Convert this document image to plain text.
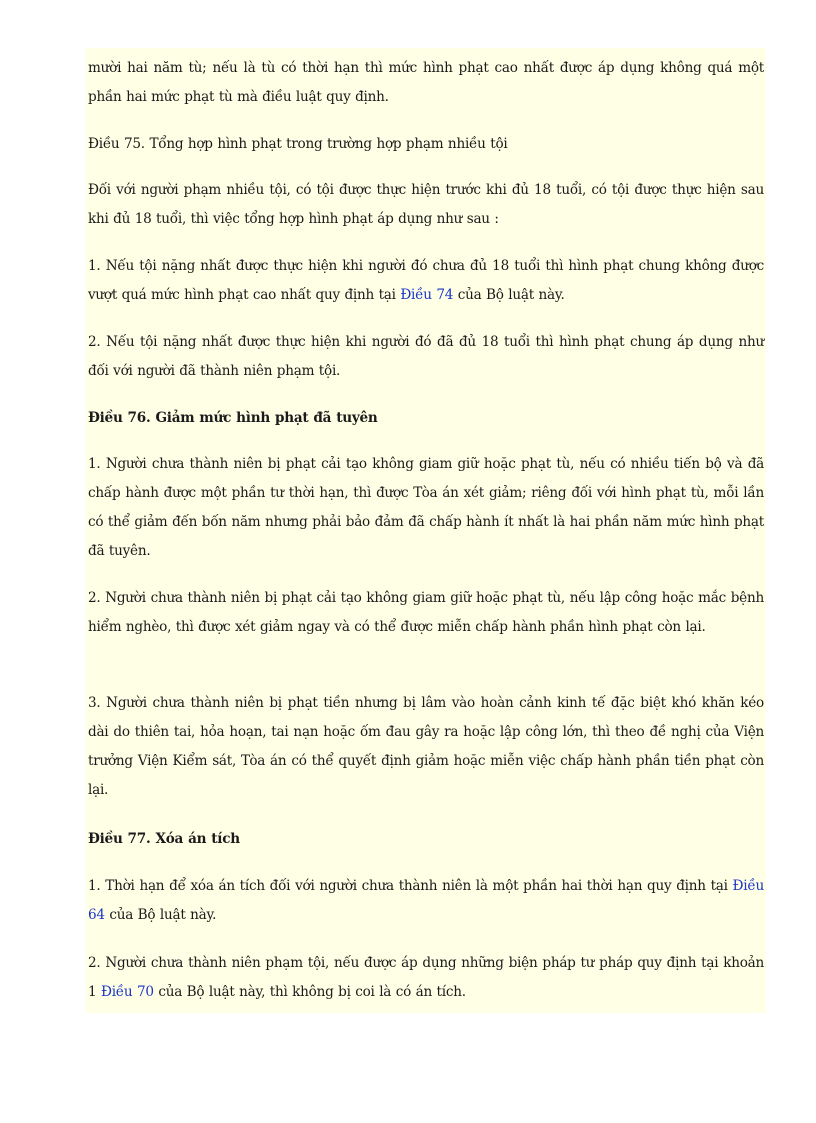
mười hai năm tù; nếu là tù có thời hạn thì mức hình phạt cao nhất được áp dụng không quá một phần hai mức phạt tù mà điều luật quy định.

Điều 75. Tổng hợp hình phạt trong trường hợp phạm nhiều tội

Đối với người phạm nhiều tội, có tội được thực hiện trước khi đủ 18 tuổi, có tội được thực hiện sau khi đủ 18 tuổi, thì việc tổng hợp hình phạt áp dụng như sau :

1. Nếu tội nặng nhất được thực hiện khi người đó chưa đủ 18 tuổi thì hình phạt chung không được vượt quá mức hình phạt cao nhất quy định tại Điều 74 của Bộ luật này.

2. Nếu tội nặng nhất được thực hiện khi người đó đã đủ 18 tuổi thì hình phạt chung áp dụng như đối với người đã thành niên phạm tội.

Điều 76. Giảm mức hình phạt đã tuyên

1. Người chưa thành niên bị phạt cải tạo không giam giữ hoặc phạt tù, nếu có nhiều tiến bộ và đã chấp hành được một phần tư thời hạn, thì được Tòa án xét giảm; riêng đối với hình phạt tù, mỗi lần có thể giảm đến bốn năm nhưng phải bảo đảm đã chấp hành ít nhất là hai phần năm mức hình phạt đã tuyên.

2. Người chưa thành niên bị phạt cải tạo không giam giữ hoặc phạt tù, nếu lập công hoặc mắc bệnh hiểm nghèo, thì được xét giảm ngay và có thể được miễn chấp hành phần hình phạt còn lại.

3. Người chưa thành niên bị phạt tiền nhưng bị lâm vào hoàn cảnh kinh tế đặc biệt khó khăn kéo dài do thiên tai, hỏa hoạn, tai nạn hoặc ốm đau gây ra hoặc lập công lớn, thì theo đề nghị của Viện trưởng Viện Kiểm sát, Tòa án có thể quyết định giảm hoặc miễn việc chấp hành phần tiền phạt còn lại.

Điều 77. Xóa án tích

1. Thời hạn để xóa án tích đối với người chưa thành niên là một phần hai thời hạn quy định tại Điều 64 của Bộ luật này.

2. Người chưa thành niên phạm tội, nếu được áp dụng những biện pháp tư pháp quy định tại khoản 1 Điều 70 của Bộ luật này, thì không bị coi là có án tích.
